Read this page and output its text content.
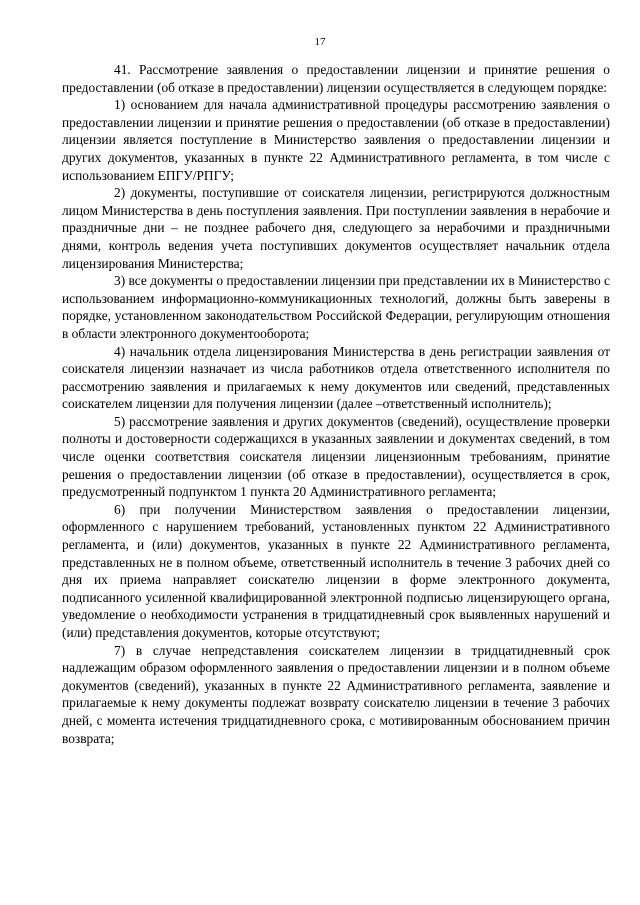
17

41. Рассмотрение заявления о предоставлении лицензии и принятие решения о предоставлении (об отказе в предоставлении) лицензии осуществляется в следующем порядке:

1) основанием для начала административной процедуры рассмотрению заявления о предоставлении лицензии и принятие решения о предоставлении (об отказе в предоставлении) лицензии является поступление в Министерство заявления о предоставлении лицензии и других документов, указанных в пункте 22 Административного регламента, в том числе с использованием ЕПГУ/РПГУ;

2) документы, поступившие от соискателя лицензии, регистрируются должностным лицом Министерства в день поступления заявления. При поступлении заявления в нерабочие и праздничные дни – не позднее рабочего дня, следующего за нерабочими и праздничными днями, контроль ведения учета поступивших документов осуществляет начальник отдела лицензирования Министерства;

3) все документы о предоставлении лицензии при представлении их в Министерство с использованием информационно-коммуникационных технологий, должны быть заверены в порядке, установленном законодательством Российской Федерации, регулирующим отношения в области электронного документооборота;

4) начальник отдела лицензирования Министерства в день регистрации заявления от соискателя лицензии назначает из числа работников отдела ответственного исполнителя по рассмотрению заявления и прилагаемых к нему документов или сведений, представленных соискателем лицензии для получения лицензии (далее –ответственный исполнитель);

5) рассмотрение заявления и других документов (сведений), осуществление проверки полноты и достоверности содержащихся в указанных заявлении и документах сведений, в том числе оценки соответствия соискателя лицензии лицензионным требованиям, принятие решения о предоставлении лицензии (об отказе в предоставлении), осуществляется в срок, предусмотренный подпунктом 1 пункта 20 Административного регламента;

6) при получении Министерством заявления о предоставлении лицензии, оформленного с нарушением требований, установленных пунктом 22 Административного регламента, и (или) документов, указанных в пункте 22 Административного регламента, представленных не в полном объеме, ответственный исполнитель в течение 3 рабочих дней со дня их приема направляет соискателю лицензии в форме электронного документа, подписанного усиленной квалифицированной электронной подписью лицензирующего органа, уведомление о необходимости устранения в тридцатидневный срок выявленных нарушений и (или) представления документов, которые отсутствуют;

7) в случае непредставления соискателем лицензии в тридцатидневный срок надлежащим образом оформленного заявления о предоставлении лицензии и в полном объеме документов (сведений), указанных в пункте 22 Административного регламента, заявление и прилагаемые к нему документы подлежат возврату соискателю лицензии в течение 3 рабочих дней, с момента истечения тридцатидневного срока, с мотивированным обоснованием причин возврата;
